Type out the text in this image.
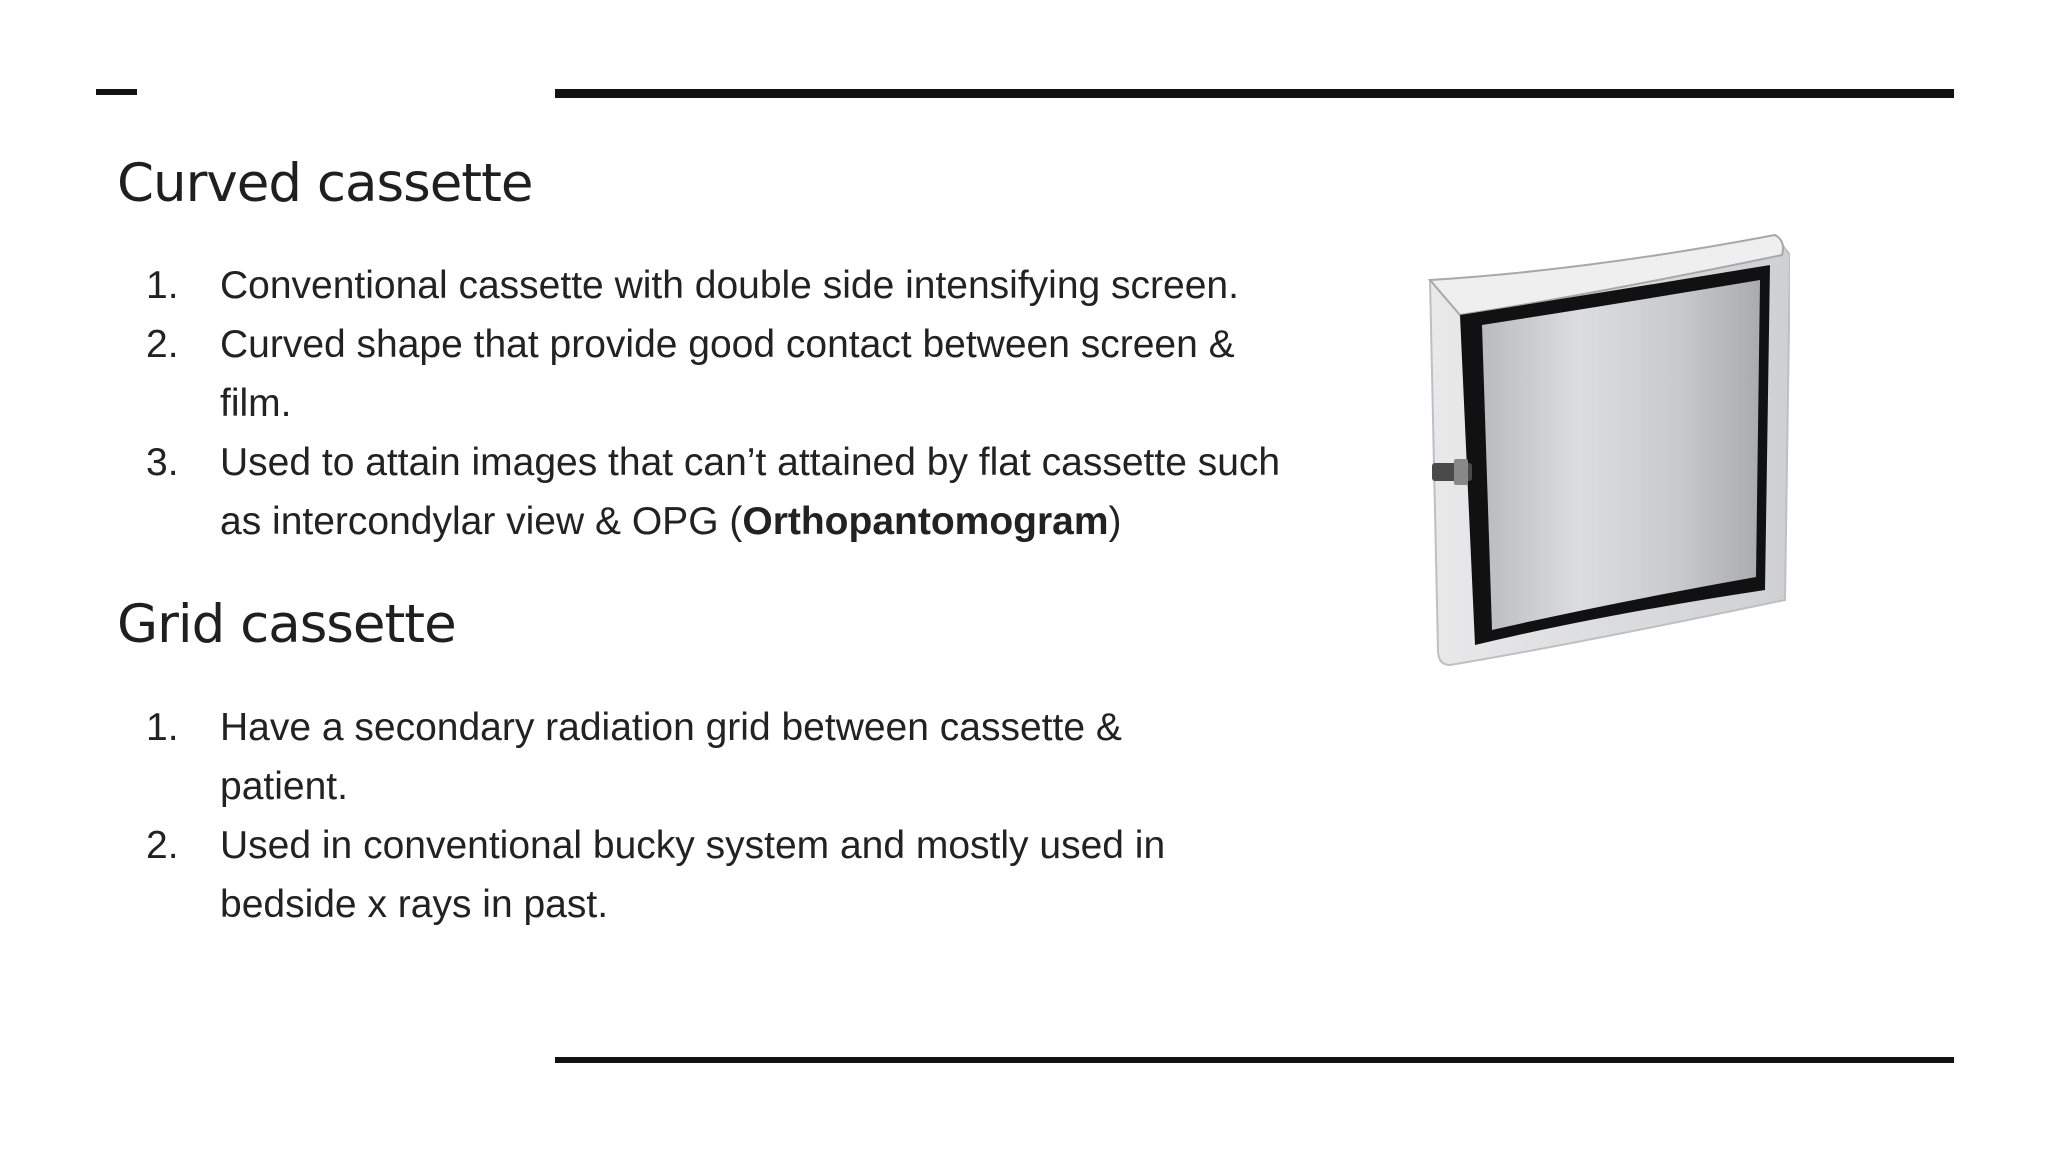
Curved cassette
1.	Conventional cassette with double side intensifying screen.
2.	Curved shape that provide good contact between screen & film.
3.	Used to attain images that can’t attained by flat cassette such as intercondylar view & OPG (Orthopantomogram)
Grid cassette
1.	Have a secondary radiation grid between cassette & patient.
2.	Used in conventional bucky system and mostly used in bedside x rays in past.
